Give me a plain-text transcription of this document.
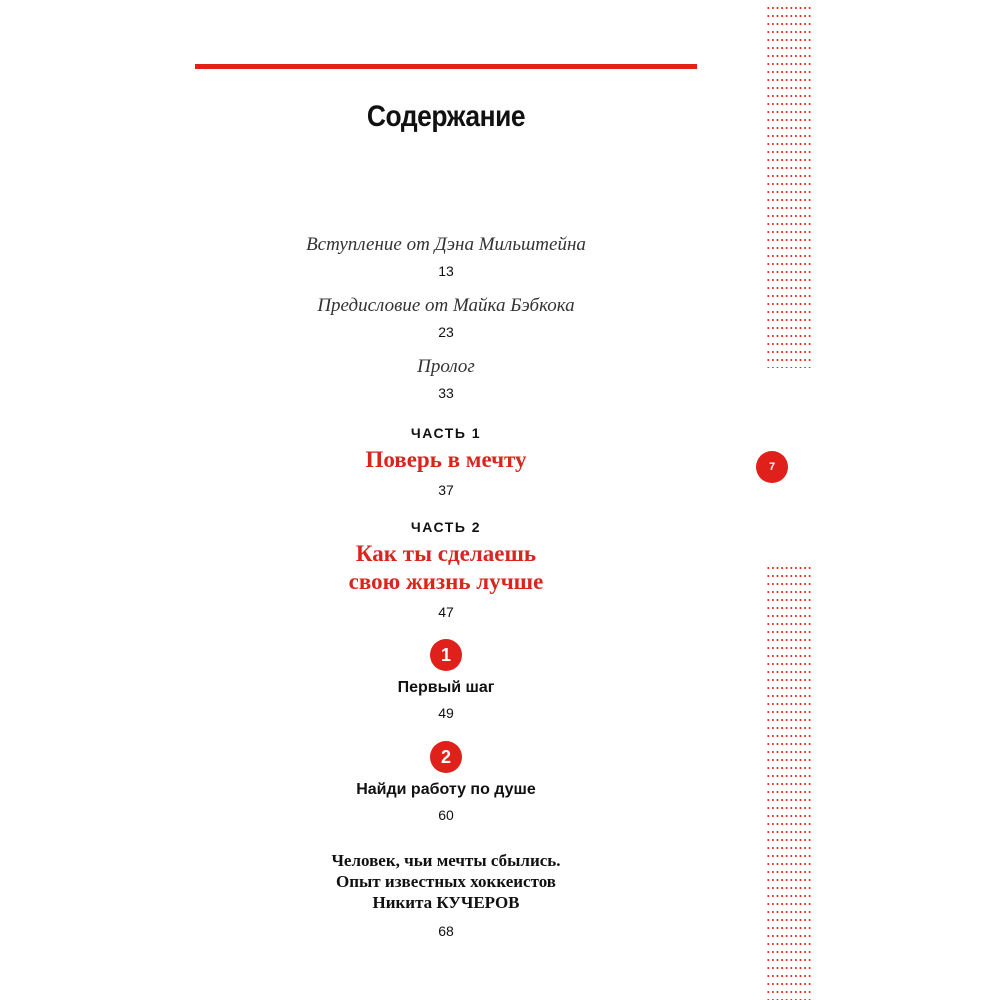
Содержание
Вступление от Дэна Мильштейна
13
Предисловие от Майка Бэбкока
23
Пролог
33
ЧАСТЬ 1
Поверь в мечту
37
ЧАСТЬ 2
Как ты сделаешь
свою жизнь лучше
47
1
Первый шаг
49
2
Найди работу по душе
60
Человек, чьи мечты сбылись.
Опыт известных хоккеистов
Никита КУЧЕРОВ
68
7
